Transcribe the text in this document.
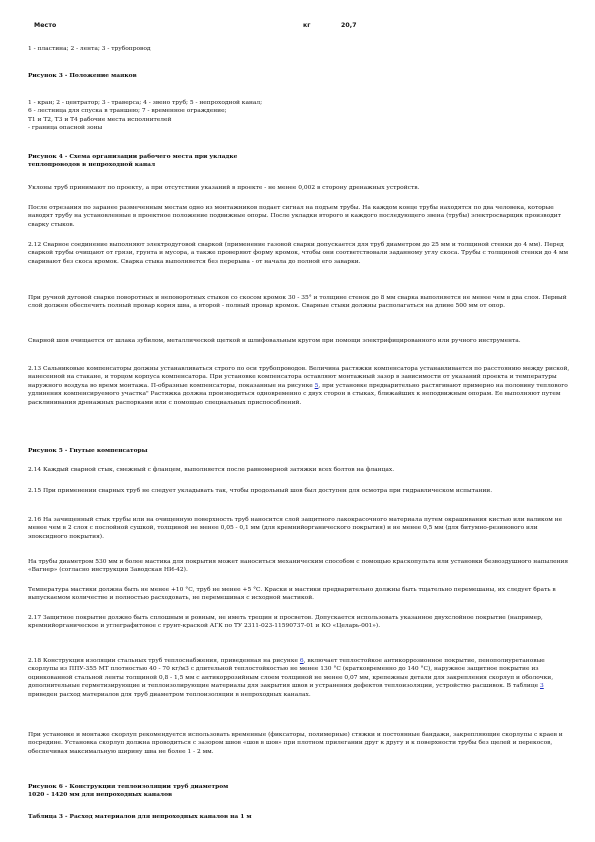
Место	кг	20,7
1 - пластина; 2 - лента; 3 - трубопровод
Рисунок 3 - Положение маяков

1 - кран; 2 - центратор; 3 - траверса; 4 - звено труб; 5 - непроходной канал;

6 - лестница для спуска в траншею; 7 - временное ограждение;

Т1 и Т2, Т3 и Т4 рабочие места исполнителей

- граница опасной зоны

Рисунок 4 - Схема организации рабочего места при укладке

теплопроводов в непроходной канал

Уклоны труб принимают по проекту, а при отсутствии указаний в проекте - не менее 0,002 в сторону дренажных устройств.
После отрезания по заранее размеченным местам одно из монтажников подает сигнал на подъем трубы. На каждом конце трубы находятся по два человека, которые наводят трубу на установленные в проектное положение подвижные опоры. После укладки второго и каждого последующего звена (трубы) электросварщик производит сварку стыков.
2.12 Сварное соединение выполняют электродуговой сваркой (применение газовой сварки допускается для труб диаметром до 25 мм и толщиной стенки до 4 мм). Перед сваркой трубы очищают от грязи, грунта и мусора, а также проверяют форму кромок, чтобы они соответствовали заданному углу скоса. Трубы с толщиной стенки до 4 мм сваривают без скоса кромок. Сварка стыка выполняется без перерыва - от начала до полной его заварки.
При ручной дуговой сварке поворотных и неповоротных стыков со скосом кромок 30 - 35° и толщине стенок до 8 мм сварка выполняется не менее чем в два слоя. Первый слой должен обеспечить полный провар корня шва, а второй - полный провар кромок. Сварные стыки должны располагаться на длине 500 мм от опор.
Сварной шов очищается от шлака зубилом, металлической щеткой и шлифовальным кругом при помощи электрифицированного или ручного инструмента.
2.13 Сальниковые компенсаторы должны устанавливаться строго по оси трубопроводов. Величина растяжки компенсатора устанавливается по расстоянию между рискoй, нанесенной на стакане, и торцом корпуса компенсатора. При установке компенсатора оставляют монтажный зазор в зависимости от указаний проекта и температуры наружного воздуха во время монтажа. П-образные компенсаторы, показанные на рисунке 5, при установке предварительно растягивают примерно на половину теплового удлинения компенсируемого участка" Растяжка должна производиться одновременно с двух сторон в стыках, ближайших к неподвижным опорам. Ее выполняют путем расклинивания дренажных распорками или с помощью специальных приспособлений.
Рисунок 5 - Гнутые компенсаторы
2.14 Каждый сварной стык, смежный с фланцем, выполняется после равномерной затяжки всех болтов на фланцах.
2.15 При применении сварных труб не следует укладывать так, чтобы продольный шов был доступен для осмотра при гидравлическом испытании.
2.16 На зачищенный стык трубы или на очищенную поверхность труб наносится слой защитного лакокрасочного материала путем окрашивания кистью или валиком не менее чем в 2 слоя с послойной сушкой, толщиной не менее 0,05 - 0,1 мм (для кремнийорганического покрытия) и не менее 0,5 мм (для битумно-резинового или эпоксидного покрытия).
На трубы диаметром 530 мм и более мастика для покрытия может наноситься механическим способом с помощью краскопульта или установки безвоздушного напыления «Вагнер» (согласно инструкции Заводская НИ-42).
Температура мастики должна быть не менее +10 °С, труб не менее +5 °С. Краски и мастики предварительно должны быть тщательно перемешаны, их следует брать в выпускаемом количестве и полностью расходовать, не перемешивая с исходной мастикой.
2.17 Защитное покрытие должно быть сплошным и ровным, не иметь трещин и просветов. Допускается использовать указанное двухслойное покрытие (например, кремнийорганическое и углеграфитовое с грунт-краской АГК по ТУ 2311-023-11590737-01 и КО «Целарь-001»).
2.18 Конструкция изоляции стальных труб теплоснабжения, приведенная на рисунке 6, включает теплостойкое антикоррозионное покрытие, пенополиуретановые скорлупы из ППУ-355 МТ плотностью 40 - 70 кг/м3 с длительной теплостойкостью не менее 130 °С (кратковременно до 140 °С), наружное защитное покрытие из оцинкованной стальной ленты толщиной 0,8 - 1,5 мм с антикоррозийным слоем толщиной не менее 0,07 мм, крепежные детали для закрепления скорлуп и оболочки, дополнительные герметизирующие и теплоизолирующие материалы для закрытия швов и устранения дефектов теплоизоляции, устройство расшивок. В таблице 3 приведен расход материалов для труб диаметром теплоизоляции в непроходных каналах.
При установке и монтаже скорлуп рекомендуется использовать временные (фиксаторы, полимерные) стяжки и постоянные бандажи, закрепляющие скорлупы с краев и посредине. Установка скорлуп должна проводиться с зазором швов «шов в шов» при плотном прилегании друг к другу и к поверхности трубы без щелей и перекосов, обеспечивая максимальную ширину шва не более 1 - 2 мм.

Рисунок 6 - Конструкция теплоизоляции труб диаметром

1020 - 1420 мм для непроходных каналов

Таблица 3 - Расход материалов для непроходных каналов на 1 м
